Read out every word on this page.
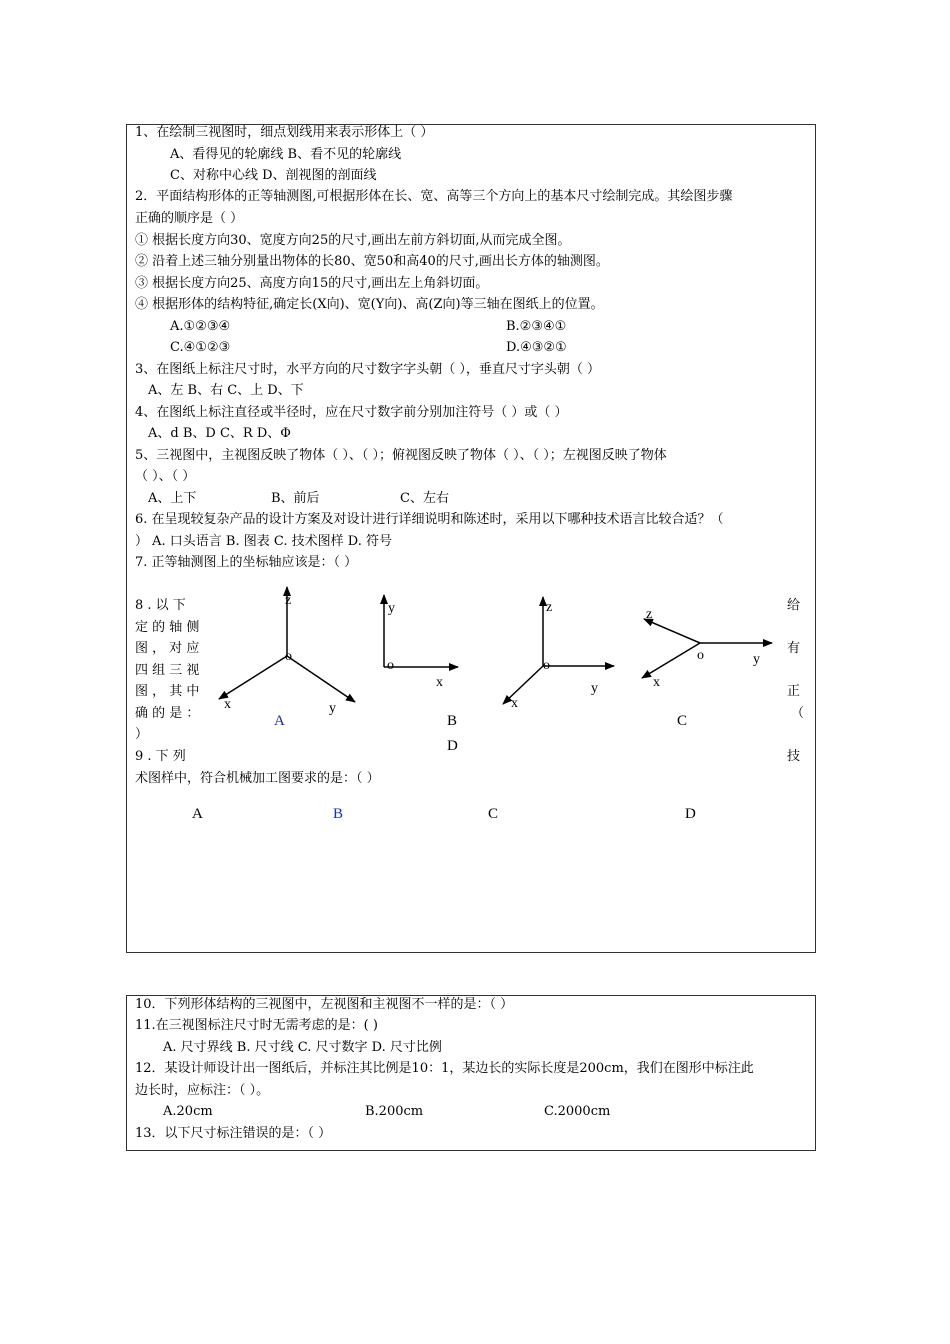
1、在绘制三视图时，细点划线用来表示形体上（ ）
A、看得见的轮廓线 B、看不见的轮廓线
C、对称中心线 D、剖视图的剖面线
2．平面结构形体的正等轴测图,可根据形体在长、宽、高等三个方向上的基本尺寸绘制完成。其绘图步骤
正确的顺序是（ ）
① 根据长度方向30、宽度方向25的尺寸,画出左前方斜切面,从而完成全图。
② 沿着上述三轴分别量出物体的长80、宽50和高40的尺寸,画出长方体的轴测图。
③ 根据长度方向25、高度方向15的尺寸,画出左上角斜切面。
④ 根据形体的结构特征,确定长(X向)、宽(Y向)、高(Z向)等三轴在图纸上的位置。
A.①②③④	B.②③④①
C.④①②③	D.④③②①
3、在图纸上标注尺寸时，水平方向的尺寸数字字头朝（ ），垂直尺寸字头朝（ ）
A、左 B、右 C、上 D、下
4、在图纸上标注直径或半径时，应在尺寸数字前分别加注符号（ ）或（ ）
A、d B、D C、R D、Φ
5、三视图中，主视图反映了物体（ ）、（ ）；俯视图反映了物体（ ）、（ ）；左视图反映了物体
（ ）、（ ）
A、上下	B、前后	C、左右
6. 在呈现较复杂产品的设计方案及对设计进行详细说明和陈述时，采用以下哪种技术语言比较合适？（
） A. 口头语言 B. 图表 C. 技术图样 D. 符号
7. 正等轴测图上的坐标轴应该是：（ ）
8 . 以 下
定 的 轴 侧
图 ， 对 应
四 组 三 视
图 ， 其 中
确 的 是 ：
）
给
有
正
（
z
o
x	y
y
o
x
z
o
y
x
z
o	y
x
A	B	C
D
9 . 下 列	技
术图样中，符合机械加工图要求的是：（ ）
A	B	C	D
10．下列形体结构的三视图中，左视图和主视图不一样的是：（ ）
11.在三视图标注尺寸时无需考虑的是：( )
A. 尺寸界线 B. 尺寸线 C. 尺寸数字 D. 尺寸比例
12．某设计师设计出一图纸后，并标注其比例是10：1，某边长的实际长度是200cm，我们在图形中标注此
边长时，应标注：（ ）。
A.20cm	B.200cm	C.2000cm
13．以下尺寸标注错误的是：（ ）
